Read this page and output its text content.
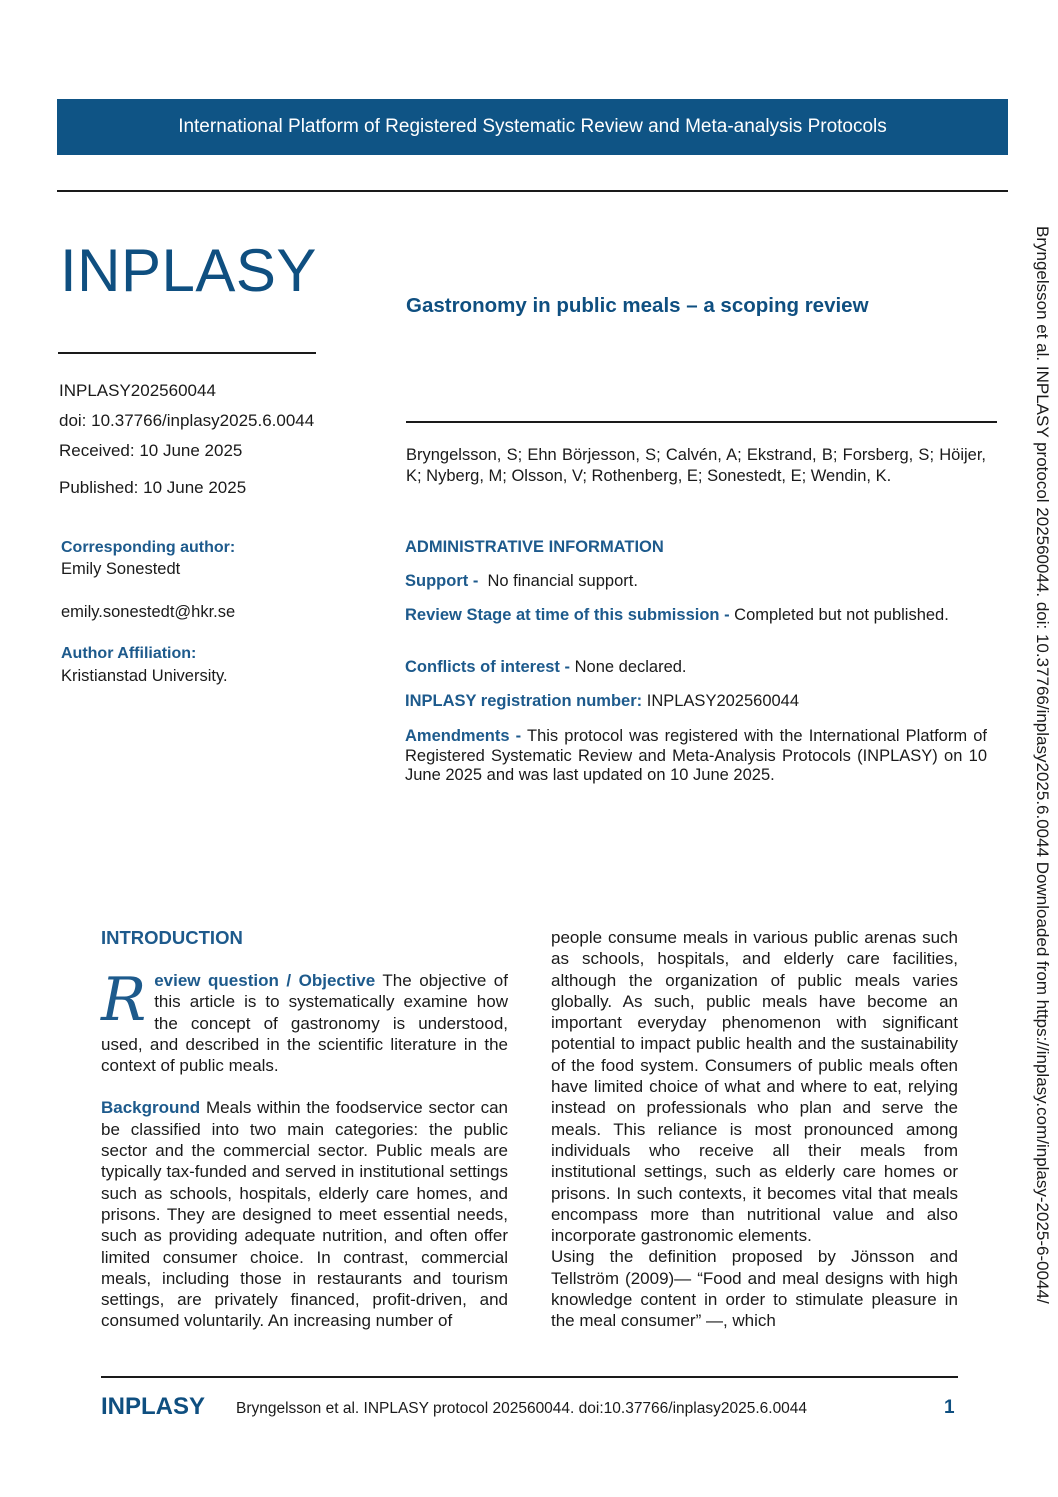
International Platform of Registered Systematic Review and Meta-analysis Protocols
INPLASY
Gastronomy in public meals – a scoping review
INPLASY202560044
doi: 10.37766/inplasy2025.6.0044
Received: 10 June 2025
Published: 10 June 2025
Bryngelsson, S; Ehn Börjesson, S; Calvén, A; Ekstrand, B; Forsberg, S; Höijer, K; Nyberg, M; Olsson, V; Rothenberg, E; Sonestedt, E; Wendin, K.
Corresponding author:
Emily Sonestedt
emily.sonestedt@hkr.se
Author Affiliation:
Kristianstad University.
ADMINISTRATIVE INFORMATION
Support - No financial support.
Review Stage at time of this submission - Completed but not published.
Conflicts of interest - None declared.
INPLASY registration number: INPLASY202560044
Amendments - This protocol was registered with the International Platform of Registered Systematic Review and Meta-Analysis Protocols (INPLASY) on 10 June 2025 and was last updated on 10 June 2025.
INTRODUCTION

R eview question / Objective The objective of this article is to systematically examine how the concept of gastronomy is understood, used, and described in the scientific literature in the context of public meals.

Background Meals within the foodservice sector can be classified into two main categories: the public sector and the commercial sector. Public meals are typically tax-funded and served in institutional settings such as schools, hospitals, elderly care homes, and prisons. They are designed to meet essential needs, such as providing adequate nutrition, and often offer limited consumer choice. In contrast, commercial meals, including those in restaurants and tourism settings, are privately financed, profit-driven, and consumed voluntarily. An increasing number of

people consume meals in various public arenas such as schools, hospitals, and elderly care facilities, although the organization of public meals varies globally. As such, public meals have become an important everyday phenomenon with significant potential to impact public health and the sustainability of the food system. Consumers of public meals often have limited choice of what and where to eat, relying instead on professionals who plan and serve the meals. This reliance is most pronounced among individuals who receive all their meals from institutional settings, such as elderly care homes or prisons. In such contexts, it becomes vital that meals encompass more than nutritional value and also incorporate gastronomic elements.

Using the definition proposed by Jönsson and Tellström (2009)— “Food and meal designs with high knowledge content in order to stimulate pleasure in the meal consumer” —, which

INPLASY Bryngelsson et al. INPLASY protocol 202560044. doi:10.37766/inplasy2025.6.0044	1
Bryngelsson et al. INPLASY protocol 202560044. doi: 10.37766/inplasy2025.6.0044 Downloaded from https://inplasy.com/inplasy-2025-6-0044/
